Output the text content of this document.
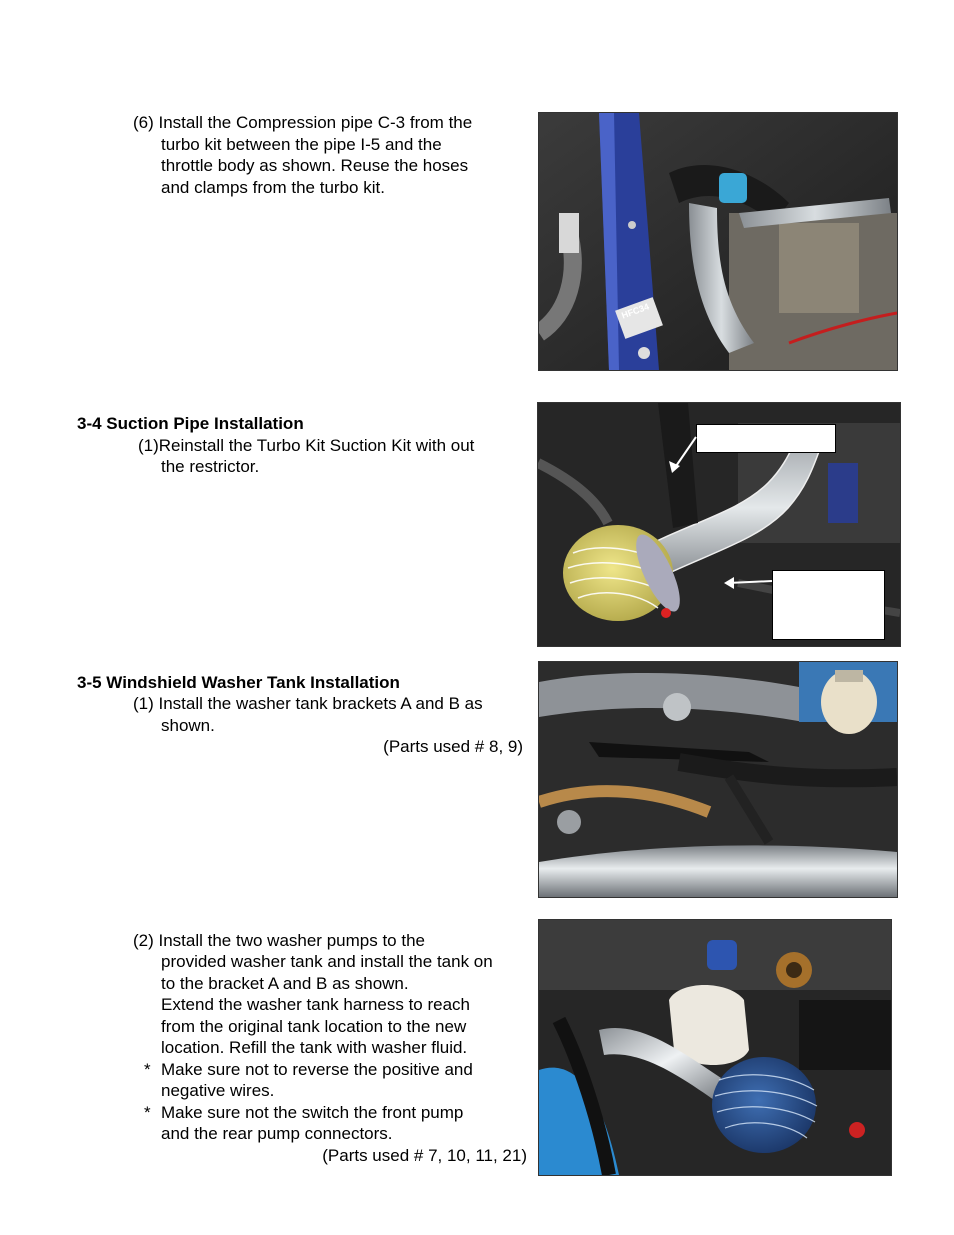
(6) Install the Compression pipe C-3 from the
turbo kit between the pipe I-5 and the
throttle body as shown. Reuse the hoses
and clamps from the turbo kit.
3-4 Suction Pipe Installation
(1)Reinstall the Turbo Kit Suction Kit with out
the restrictor.
3-5 Windshield Washer Tank Installation
(1) Install the washer tank brackets A and B as
shown.
(Parts used # 8, 9)
(2) Install the two washer pumps to the
provided washer tank and install the tank on
to the bracket A and B as shown.
Extend the washer tank harness to reach
from the original tank location to the new
location. Refill the tank with washer fluid.
* Make sure not to reverse the positive and
negative wires.
* Make sure not the switch the front pump
and the rear pump connectors.
(Parts used # 7, 10, 11, 21)
HFC34
